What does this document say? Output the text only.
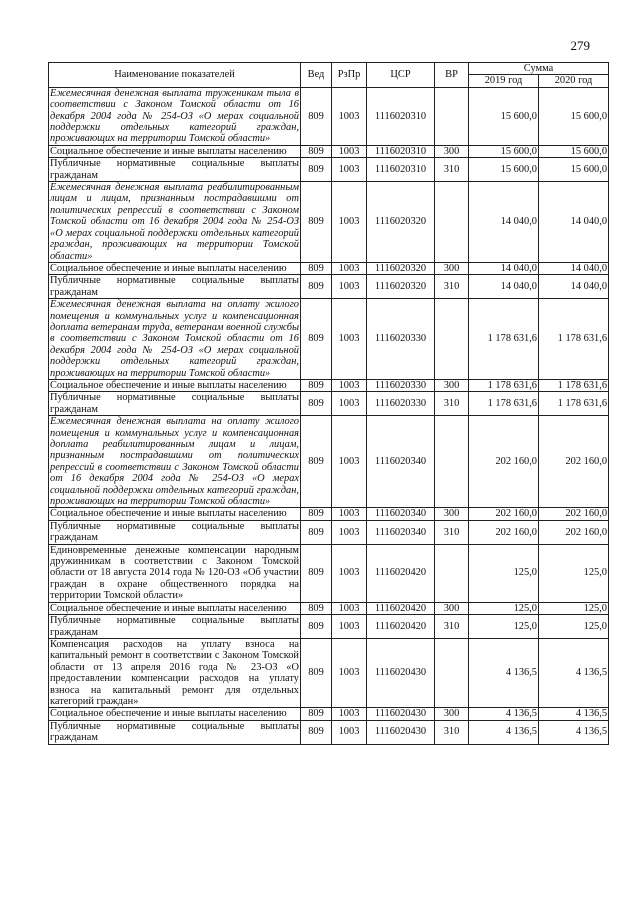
279
Наименование показателей	Вед	РзПр	ЦСР	ВР	Сумма	
					2019 год	2020 год
Ежемесячная денежная выплата труженикам тыла в соответствии с Законом Томской области от 16 декабря 2004 года № 254-ОЗ «О мерах социальной поддержки отдельных категорий граждан, проживающих на территории Томской области»	809	1003	1116020310		15 600,0	15 600,0
Социальное обеспечение и иные выплаты населению	809	1003	1116020310	300	15 600,0	15 600,0
Публичные нормативные социальные выплаты гражданам	809	1003	1116020310	310	15 600,0	15 600,0
Ежемесячная денежная выплата реабилитированным лицам и лицам, признанным пострадавшими от политических репрессий в соответствии с Законом Томской области от 16 декабря 2004 года № 254-ОЗ «О мерах социальной поддержки отдельных категорий граждан, проживающих на территории Томской области»	809	1003	1116020320		14 040,0	14 040,0
Социальное обеспечение и иные выплаты населению	809	1003	1116020320	300	14 040,0	14 040,0
Публичные нормативные социальные выплаты гражданам	809	1003	1116020320	310	14 040,0	14 040,0
Ежемесячная денежная выплата на оплату жилого помещения и коммунальных услуг и компенсационная доплата ветеранам труда, ветеранам военной службы в соответствии с Законом Томской области от 16 декабря 2004 года № 254-ОЗ «О мерах социальной поддержки отдельных категорий граждан, проживающих на территории Томской области»	809	1003	1116020330		1 178 631,6	1 178 631,6
Социальное обеспечение и иные выплаты населению	809	1003	1116020330	300	1 178 631,6	1 178 631,6
Публичные нормативные социальные выплаты гражданам	809	1003	1116020330	310	1 178 631,6	1 178 631,6
Ежемесячная денежная выплата на оплату жилого помещения и коммунальных услуг и компенсационная доплата реабилитированным лицам и лицам, признанным пострадавшими от политических репрессий в соответствии с Законом Томской области от 16 декабря 2004 года № 254-ОЗ «О мерах социальной поддержки отдельных категорий граждан, проживающих на территории Томской области»	809	1003	1116020340		202 160,0	202 160,0
Социальное обеспечение и иные выплаты населению	809	1003	1116020340	300	202 160,0	202 160,0
Публичные нормативные социальные выплаты гражданам	809	1003	1116020340	310	202 160,0	202 160,0
Единовременные денежные компенсации народным дружинникам в соответствии с Законом Томской области от 18 августа 2014 года № 120-ОЗ «Об участии граждан в охране общественного порядка на территории Томской области»	809	1003	1116020420		125,0	125,0
Социальное обеспечение и иные выплаты населению	809	1003	1116020420	300	125,0	125,0
Публичные нормативные социальные выплаты гражданам	809	1003	1116020420	310	125,0	125,0
Компенсация расходов на уплату взноса на капитальный ремонт в соответствии с Законом Томской области от 13 апреля 2016 года № 23-ОЗ «О предоставлении компенсации расходов на уплату взноса на капитальный ремонт для отдельных категорий граждан»	809	1003	1116020430		4 136,5	4 136,5
Социальное обеспечение и иные выплаты населению	809	1003	1116020430	300	4 136,5	4 136,5
Публичные нормативные социальные выплаты гражданам	809	1003	1116020430	310	4 136,5	4 136,5
